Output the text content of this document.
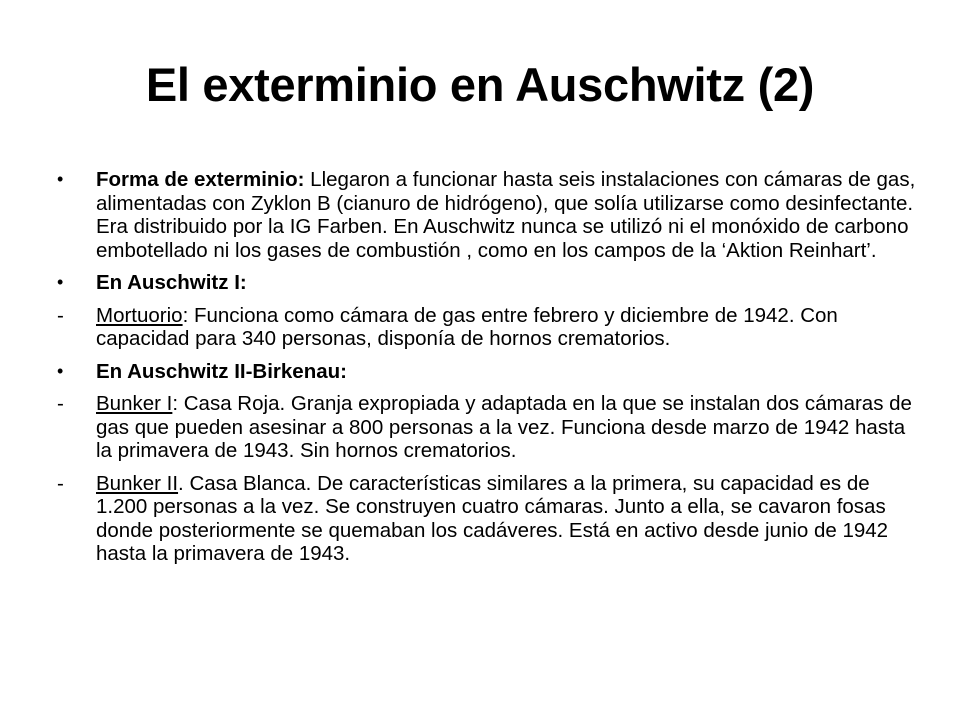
El exterminio en Auschwitz (2)
• Forma de exterminio: Llegaron a funcionar hasta seis instalaciones con cámaras de gas, alimentadas con Zyklon B (cianuro de hidrógeno), que solía utilizarse como desinfectante. Era distribuido por la IG Farben. En Auschwitz nunca se utilizó ni el monóxido de carbono embotellado ni los gases de combustión , como en los campos de la ‘Aktion Reinhart’.
• En Auschwitz I:
- Mortuorio: Funciona como cámara de gas entre febrero y diciembre de 1942. Con capacidad para 340 personas, disponía de hornos crematorios.
• En Auschwitz II-Birkenau:
- Bunker I: Casa Roja. Granja expropiada y adaptada en la que se instalan dos cámaras de gas que pueden asesinar a 800 personas a la vez. Funciona desde marzo de 1942 hasta la primavera de 1943. Sin hornos crematorios.
- Bunker II. Casa Blanca. De características similares a la primera, su capacidad es de 1.200 personas a la vez. Se construyen cuatro cámaras. Junto a ella, se cavaron fosas donde posteriormente se quemaban los cadáveres. Está en activo desde junio de 1942 hasta la primavera de 1943.
